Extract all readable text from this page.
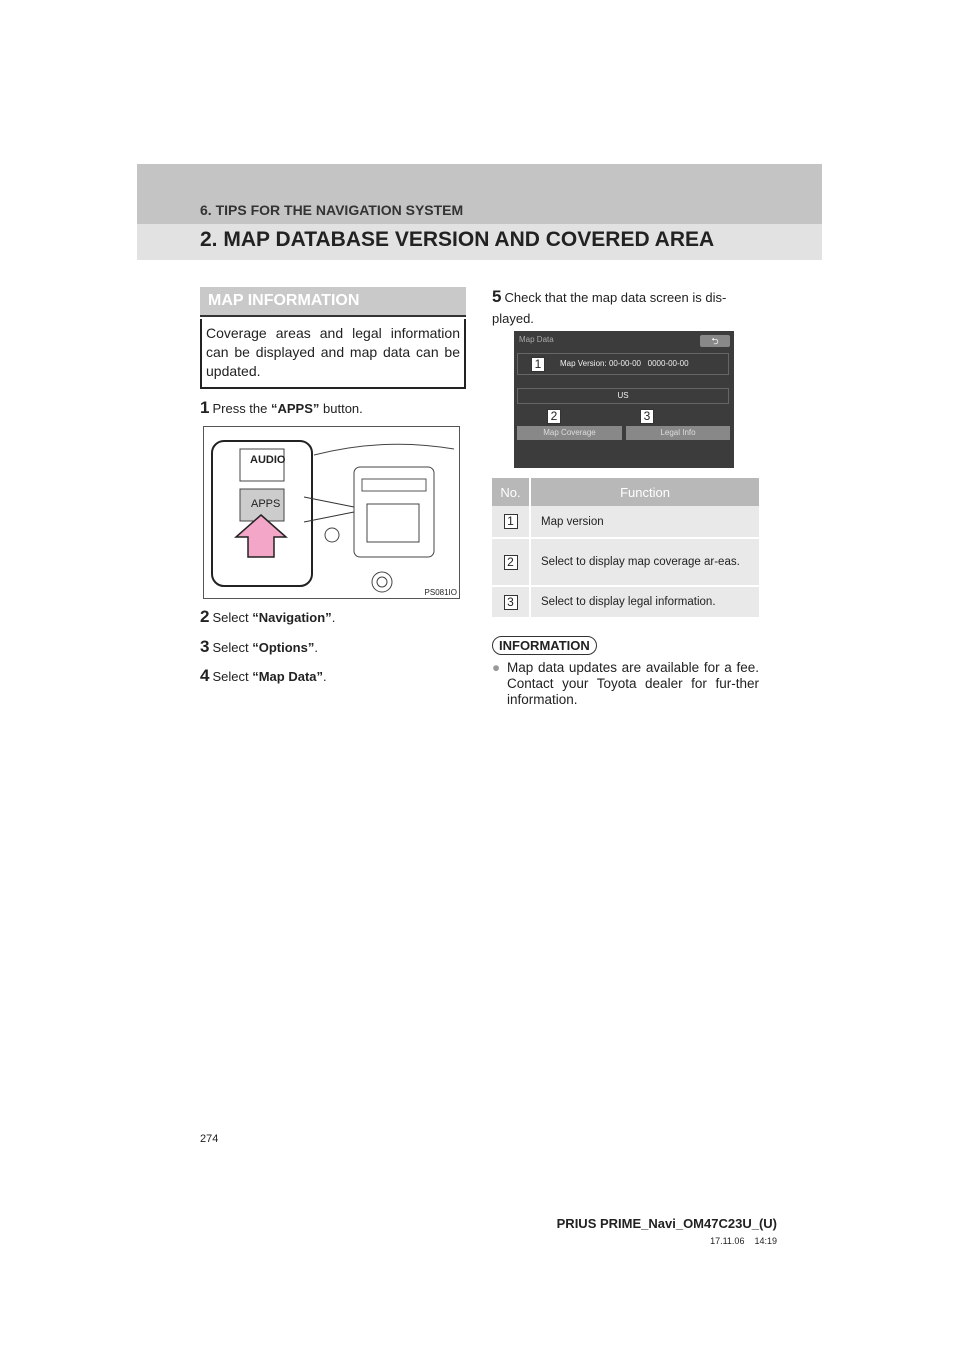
6. TIPS FOR THE NAVIGATION SYSTEM
2. MAP DATABASE VERSION AND COVERED AREA
MAP INFORMATION
Coverage areas and legal information can be displayed and map data can be updated.
1 Press the “APPS” button.
AUDIO
APPS
PS081IO
2 Select “Navigation”.
3 Select “Options”.
4 Select “Map Data”.
5 Check that the map data screen is dis-played.
Map Data	⮌
Map Version: 00-00-00 0000-00-00
US
Map Coverage	Legal Info
1
2	3
No.	Function
1	Map version
2	Select to display map coverage ar-eas.
3	Select to display legal information.
INFORMATION
● Map data updates are available for a fee. Contact your Toyota dealer for fur-ther information.
274
PRIUS PRIME_Navi_OM47C23U_(U)
17.11.06 14:19
